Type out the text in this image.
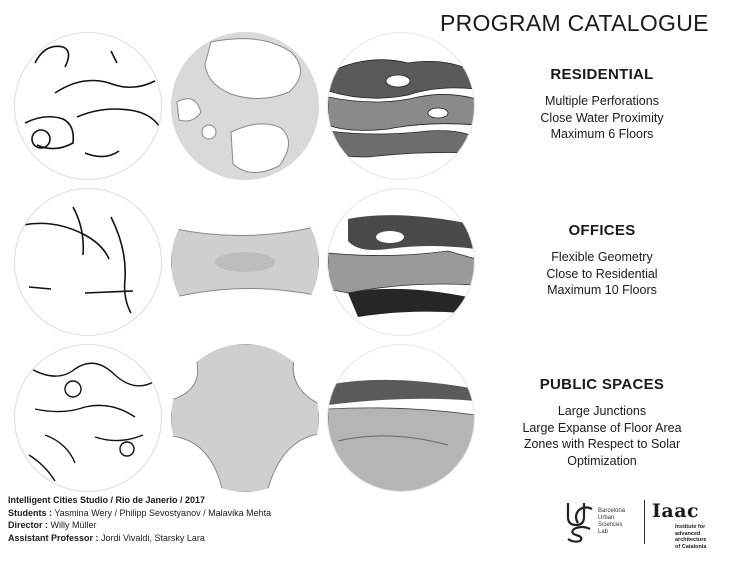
PROGRAM CATALOGUE
RESIDENTIAL
Multiple Perforations
Close Water Proximity
Maximum 6 Floors
OFFICES
Flexible Geometry
Close to Residential
Maximum 10 Floors
PUBLIC SPACES
Large Junctions
Large Expanse of Floor Area
Zones with Respect to Solar
Optimization
Intelligent Cities Studio / Rio de Janerio / 2017
Students : Yasmina Wery / Philipp Sevostyanov / Malavika Mehta
Director : Willy Müller
Assistant Professor : Jordi Vivaldi, Starsky Lara
Barcelona
Urban
Sciences
Lab
Iaac
Institute for
advanced
architecture
of Catalonia
